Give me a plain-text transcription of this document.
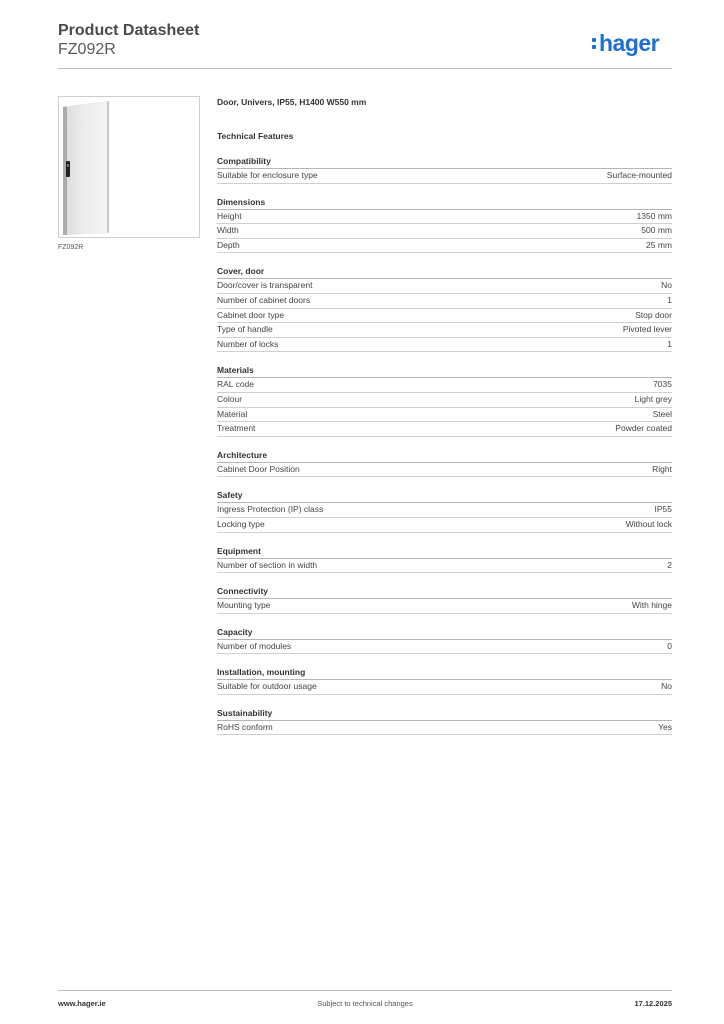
Product Datasheet
FZ092R	hager
FZ092R
Door, Univers, IP55, H1400 W550 mm
Technical Features
Compatibility
Suitable for enclosure type	Surface-mounted
Dimensions
Height	1350 mm
Width	500 mm
Depth	25 mm
Cover, door
Door/cover is transparent	No
Number of cabinet doors	1
Cabinet door type	Stop door
Type of handle	Pivoted lever
Number of locks	1
Materials
RAL code	7035
Colour	Light grey
Material	Steel
Treatment	Powder coated
Architecture
Cabinet Door Position	Right
Safety
Ingress Protection (IP) class	IP55
Locking type	Without lock
Equipment
Number of section in width	2
Connectivity
Mounting type	With hinge
Capacity
Number of modules	0
Installation, mounting
Suitable for outdoor usage	No
Sustainability
RoHS conform	Yes
Subject to technical changes
www.hager.ie	17.12.2025
